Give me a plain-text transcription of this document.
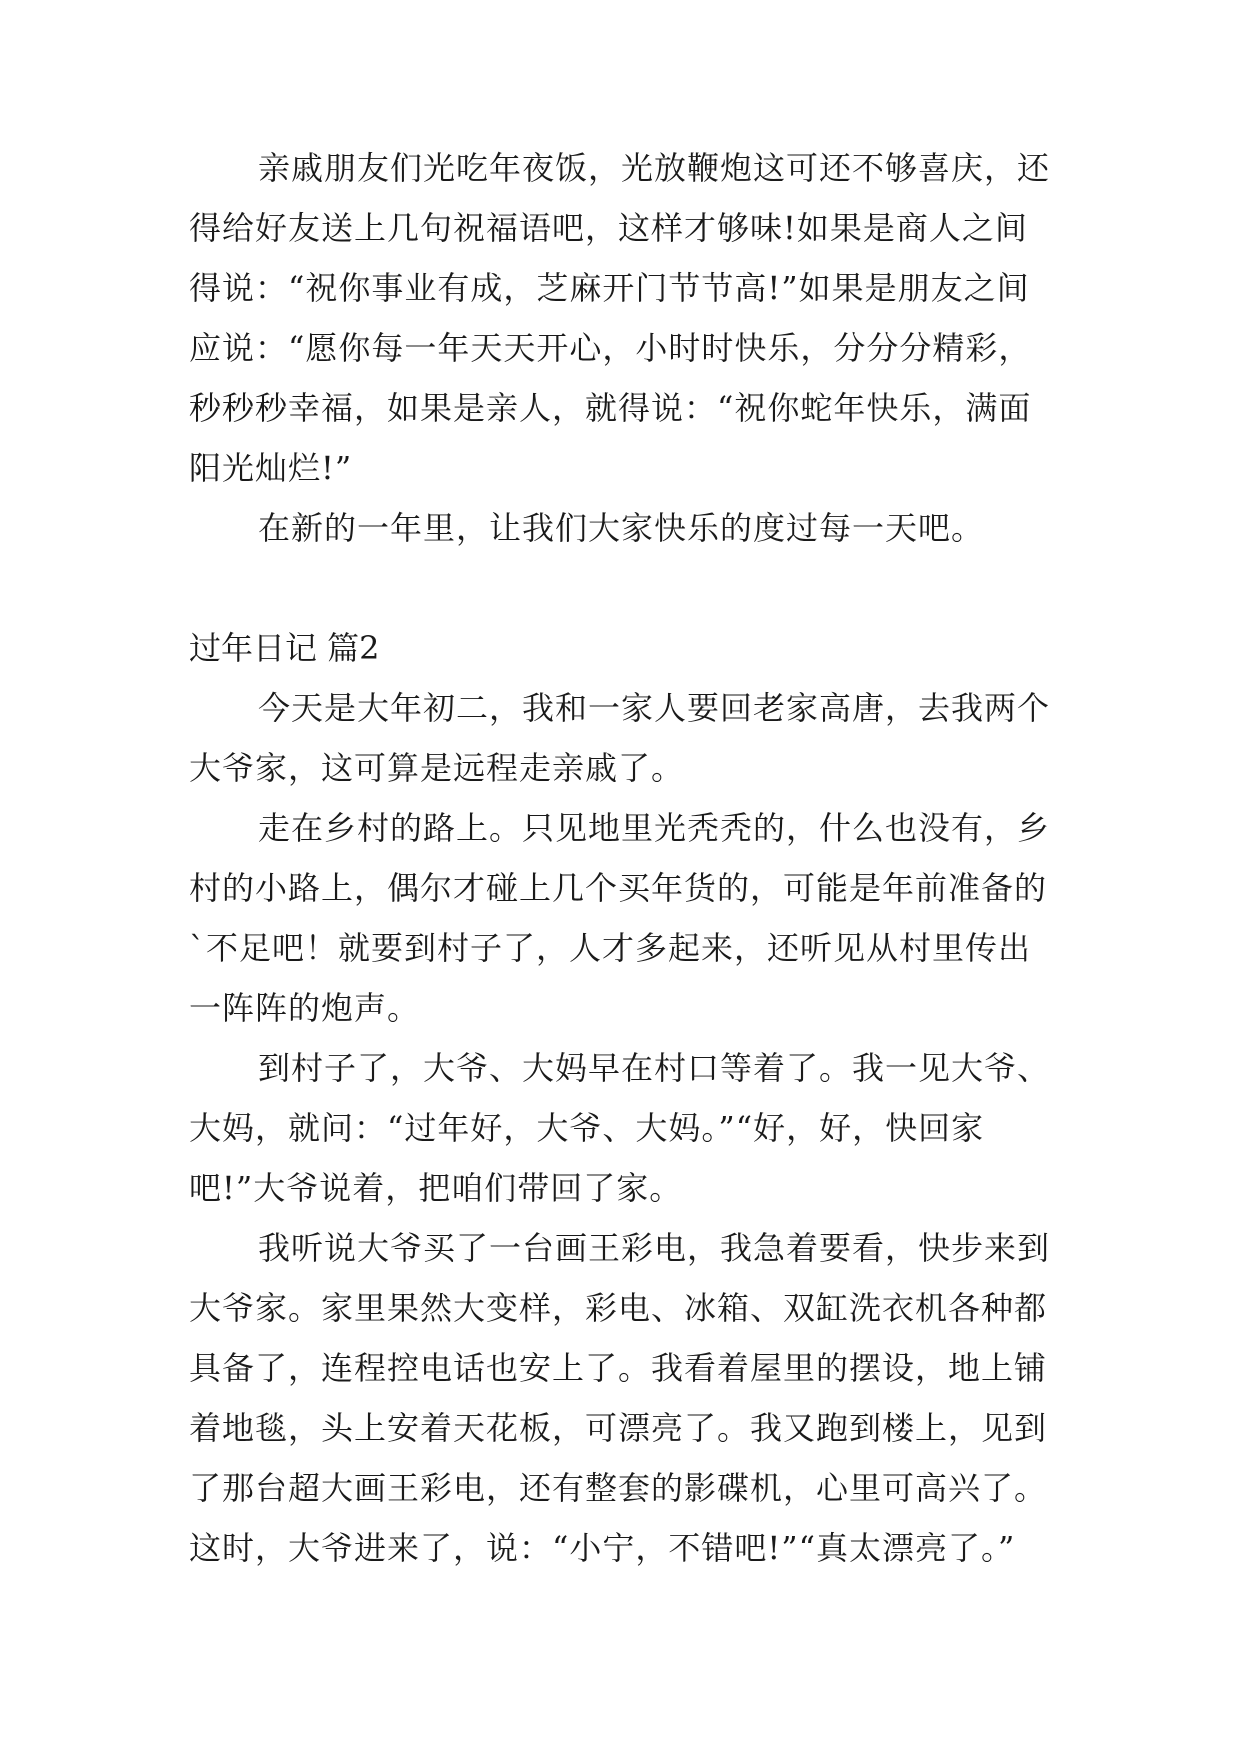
亲戚朋友们光吃年夜饭，光放鞭炮这可还不够喜庆，还
得给好友送上几句祝福语吧，这样才够味!如果是商人之间
得说：“祝你事业有成，芝麻开门节节高!”如果是朋友之间
应说：“愿你每一年天天开心，小时时快乐，分分分精彩，
秒秒秒幸福，如果是亲人，就得说：“祝你蛇年快乐，满面
阳光灿烂!”
在新的一年里，让我们大家快乐的度过每一天吧。
过年日记 篇2
今天是大年初二，我和一家人要回老家高唐，去我两个
大爷家，这可算是远程走亲戚了。
走在乡村的路上。只见地里光秃秃的，什么也没有，乡
村的小路上，偶尔才碰上几个买年货的，可能是年前准备的
`不足吧！就要到村子了，人才多起来，还听见从村里传出
一阵阵的炮声。
到村子了，大爷、大妈早在村口等着了。我一见大爷、
大妈，就问：“过年好，大爷、大妈。”“好，好，快回家
吧!”大爷说着，把咱们带回了家。
我听说大爷买了一台画王彩电，我急着要看，快步来到
大爷家。家里果然大变样，彩电、冰箱、双缸洗衣机各种都
具备了，连程控电话也安上了。我看着屋里的摆设，地上铺
着地毯，头上安着天花板，可漂亮了。我又跑到楼上，见到
了那台超大画王彩电，还有整套的影碟机，心里可高兴了。
这时，大爷进来了，说：“小宁，不错吧!”“真太漂亮了。”
